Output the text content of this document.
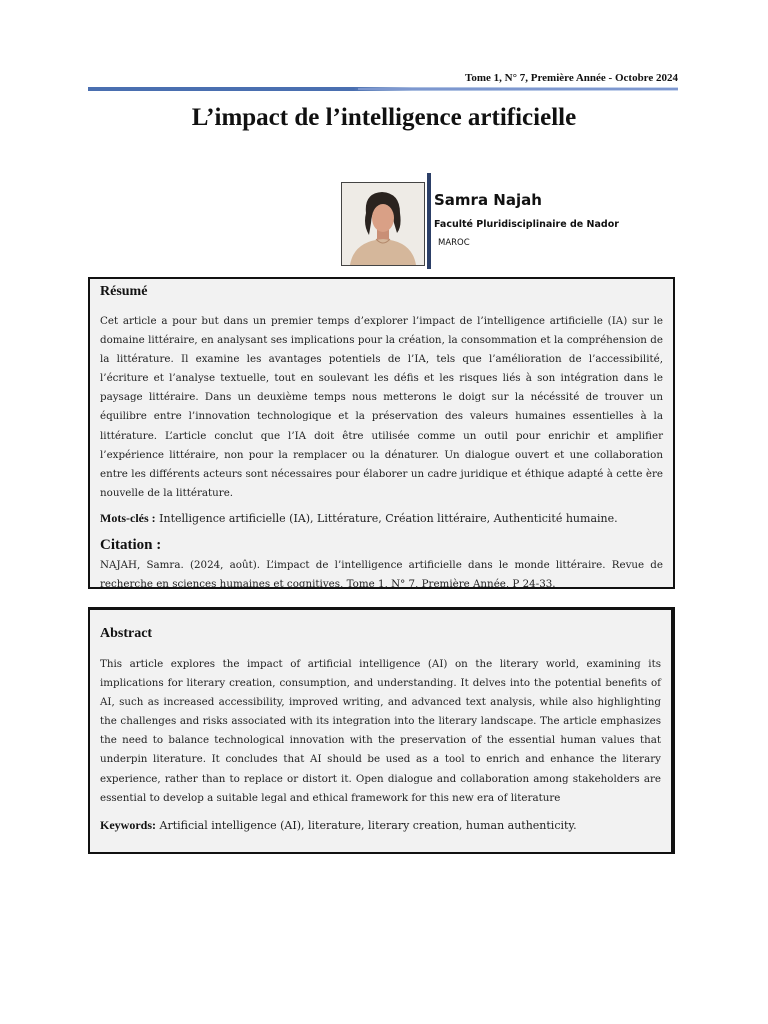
Tome 1, N° 7, Première Année - Octobre 2024
L’impact de l’intelligence artificielle
Samra Najah
Faculté Pluridisciplinaire de Nador
MAROC
Résumé

Cet article a pour but dans un premier temps d’explorer l’impact de l’intelligence artificielle (IA) sur le domaine littéraire, en analysant ses implications pour la création, la consommation et la compréhension de la littérature. Il examine les avantages potentiels de l’IA, tels que l’amélioration de l’accessibilité, l’écriture et l’analyse textuelle, tout en soulevant les défis et les risques liés à son intégration dans le paysage littéraire. Dans un deuxième temps nous metterons le doigt sur la nécéssité de trouver un équilibre entre l’innovation technologique et la préservation des valeurs humaines essentielles à la littérature. L’article conclut que l’IA doit être utilisée comme un outil pour enrichir et amplifier l’expérience littéraire, non pour la remplacer ou la dénaturer. Un dialogue ouvert et une collaboration entre les différents acteurs sont nécessaires pour élaborer un cadre juridique et éthique adapté à cette ère nouvelle de la littérature.

Mots-clés : Intelligence artificielle (IA), Littérature, Création littéraire, Authenticité humaine.

Citation :

NAJAH, Samra. (2024, août). L’impact de l’intelligence artificielle dans le monde littéraire. Revue de recherche en sciences humaines et cognitives, Tome 1, N° 7, Première Année, P 24-33.

Abstract

This article explores the impact of artificial intelligence (AI) on the literary world, examining its implications for literary creation, consumption, and understanding. It delves into the potential benefits of AI, such as increased accessibility, improved writing, and advanced text analysis, while also highlighting the challenges and risks associated with its integration into the literary landscape. The article emphasizes the need to balance technological innovation with the preservation of the essential human values that underpin literature. It concludes that AI should be used as a tool to enrich and enhance the literary experience, rather than to replace or distort it. Open dialogue and collaboration among stakeholders are essential to develop a suitable legal and ethical framework for this new era of literature

Keywords: Artificial intelligence (AI), literature, literary creation, human authenticity.
